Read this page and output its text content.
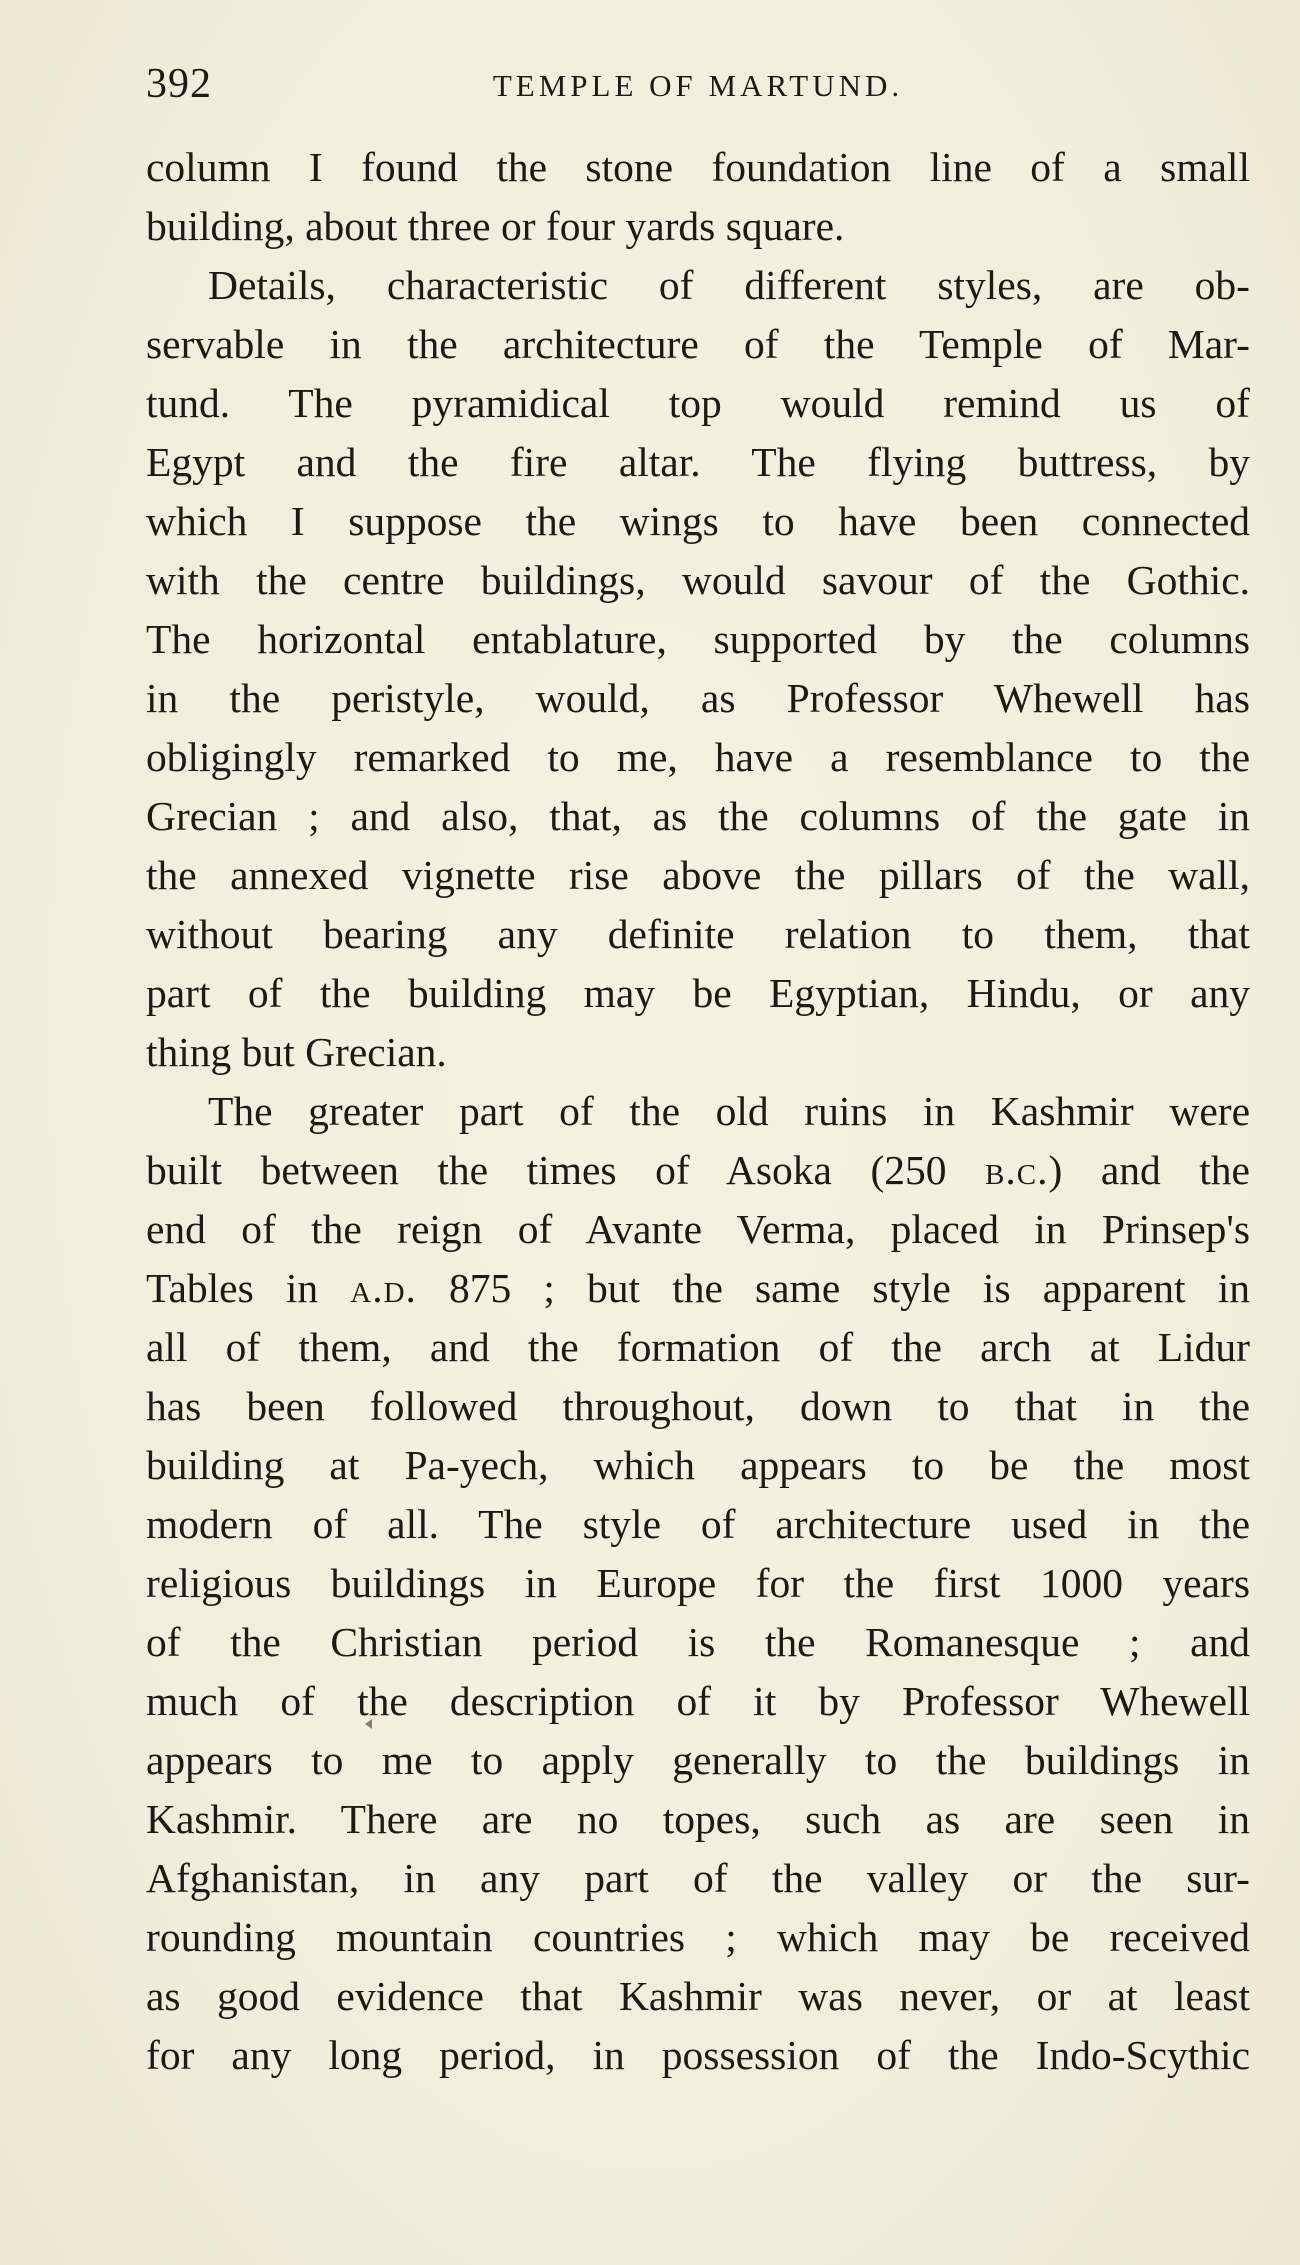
392	TEMPLE OF MARTUND.
column I found the stone foundation line of a small
building, about three or four yards square.
Details, characteristic of different styles, are ob-
servable in the architecture of the Temple of Mar-
tund. The pyramidical top would remind us of
Egypt and the fire altar. The flying buttress, by
which I suppose the wings to have been connected
with the centre buildings, would savour of the Gothic.
The horizontal entablature, supported by the columns
in the peristyle, would, as Professor Whewell has
obligingly remarked to me, have a resemblance to the
Grecian ; and also, that, as the columns of the gate in
the annexed vignette rise above the pillars of the wall,
without bearing any definite relation to them, that
part of the building may be Egyptian, Hindu, or any
thing but Grecian.
The greater part of the old ruins in Kashmir were
built between the times of Asoka (250 b.c.) and the
end of the reign of Avante Verma, placed in Prinsep's
Tables in a.d. 875 ; but the same style is apparent in
all of them, and the formation of the arch at Lidur
has been followed throughout, down to that in the
building at Pa-yech, which appears to be the most
modern of all. The style of architecture used in the
religious buildings in Europe for the first 1000 years
of the Christian period is the Romanesque ; and
much of the description of it by Professor Whewell
appears to me to apply generally to the buildings in
Kashmir. There are no topes, such as are seen in
Afghanistan, in any part of the valley or the sur-
rounding mountain countries ; which may be received
as good evidence that Kashmir was never, or at least
for any long period, in possession of the Indo-Scythic
